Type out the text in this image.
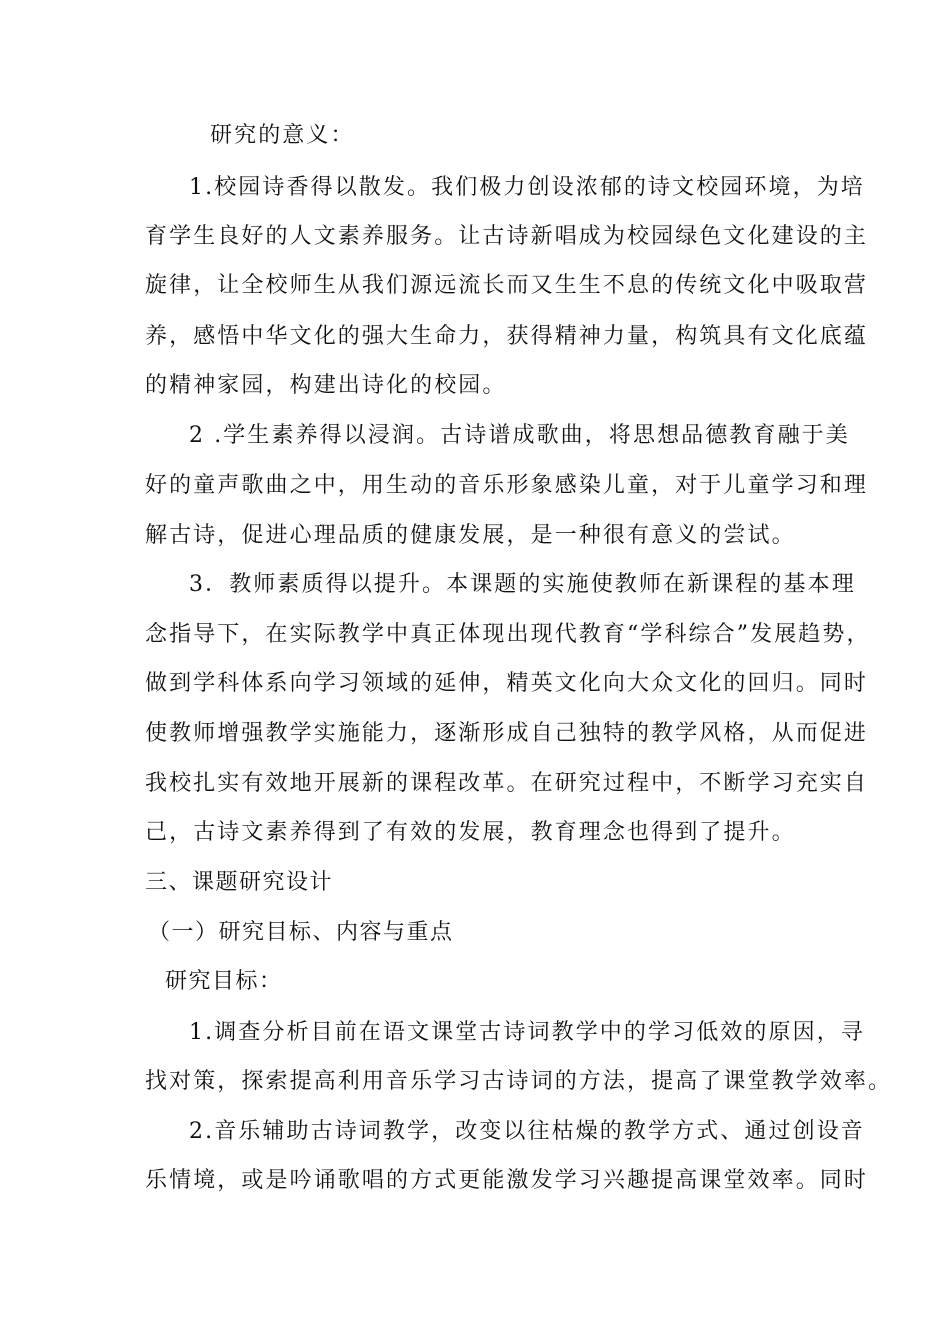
研究的意义：
1.校园诗香得以散发。我们极力创设浓郁的诗文校园环境，为培
育学生良好的人文素养服务。让古诗新唱成为校园绿色文化建设的主
旋律，让全校师生从我们源远流长而又生生不息的传统文化中吸取营
养，感悟中华文化的强大生命力，获得精神力量，构筑具有文化底蕴
的精神家园，构建出诗化的校园。
2 .学生素养得以浸润。古诗谱成歌曲，将思想品德教育融于美
好的童声歌曲之中，用生动的音乐形象感染儿童，对于儿童学习和理
解古诗，促进心理品质的健康发展，是一种很有意义的尝试。
3．教师素质得以提升。本课题的实施使教师在新课程的基本理
念指导下，在实际教学中真正体现出现代教育“学科综合”发展趋势，
做到学科体系向学习领域的延伸，精英文化向大众文化的回归。同时
使教师增强教学实施能力，逐渐形成自己独特的教学风格，从而促进
我校扎实有效地开展新的课程改革。在研究过程中，不断学习充实自
己，古诗文素养得到了有效的发展，教育理念也得到了提升。
三、课题研究设计
（一）研究目标、内容与重点
研究目标：
1.调查分析目前在语文课堂古诗词教学中的学习低效的原因，寻
找对策，探索提高利用音乐学习古诗词的方法，提高了课堂教学效率。
2.音乐辅助古诗词教学，改变以往枯燥的教学方式、通过创设音
乐情境，或是吟诵歌唱的方式更能激发学习兴趣提高课堂效率。同时
